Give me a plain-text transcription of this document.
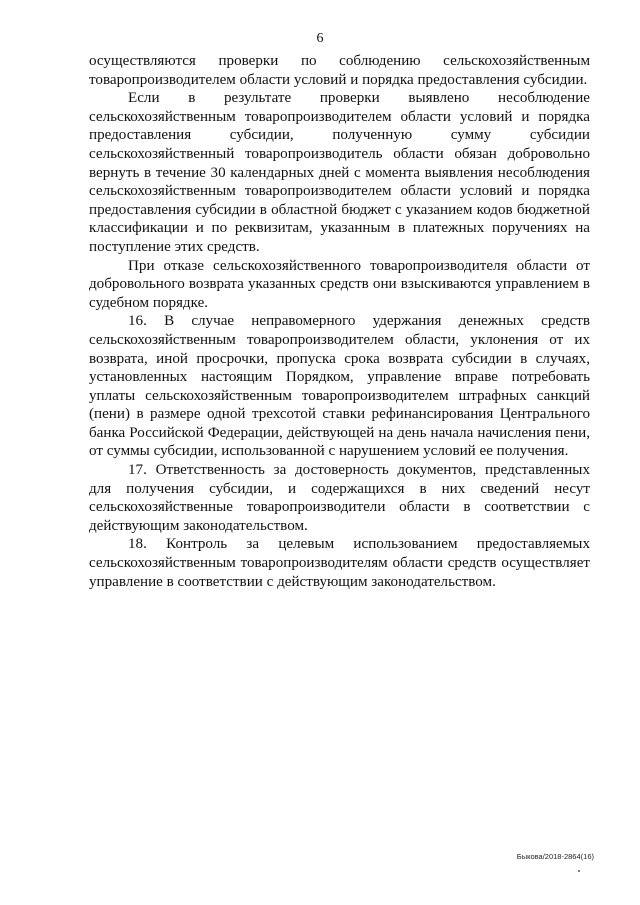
6

осуществляются проверки по соблюдению сельскохозяйственным товаропроизводителем области условий и порядка предоставления субсидии.

Если в результате проверки выявлено несоблюдение сельскохозяйственным товаропроизводителем области условий и порядка предоставления субсидии, полученную сумму субсидии сельскохозяйственный товаропроизводитель области обязан добровольно вернуть в течение 30 календарных дней с момента выявления несоблюдения сельскохозяйственным товаропроизводителем области условий и порядка предоставления субсидии в областной бюджет с указанием кодов бюджетной классификации и по реквизитам, указанным в платежных поручениях на поступление этих средств.

При отказе сельскохозяйственного товаропроизводителя области от добровольного возврата указанных средств они взыскиваются управлением в судебном порядке.

16. В случае неправомерного удержания денежных средств сельскохозяйственным товаропроизводителем области, уклонения от их возврата, иной просрочки, пропуска срока возврата субсидии в случаях, установленных настоящим Порядком, управление вправе потребовать уплаты сельскохозяйственным товаропроизводителем штрафных санкций (пени) в размере одной трехсотой ставки рефинансирования Центрального банка Российской Федерации, действующей на день начала начисления пени, от суммы субсидии, использованной с нарушением условий ее получения.

17. Ответственность за достоверность документов, представленных для получения субсидии, и содержащихся в них сведений несут сельскохозяйственные товаропроизводители области в соответствии с действующим законодательством.

18. Контроль за целевым использованием предоставляемых сельскохозяйственным товаропроизводителям области средств осуществляет управление в соответствии с действующим законодательством.

Быкова/2018-2864(16)
